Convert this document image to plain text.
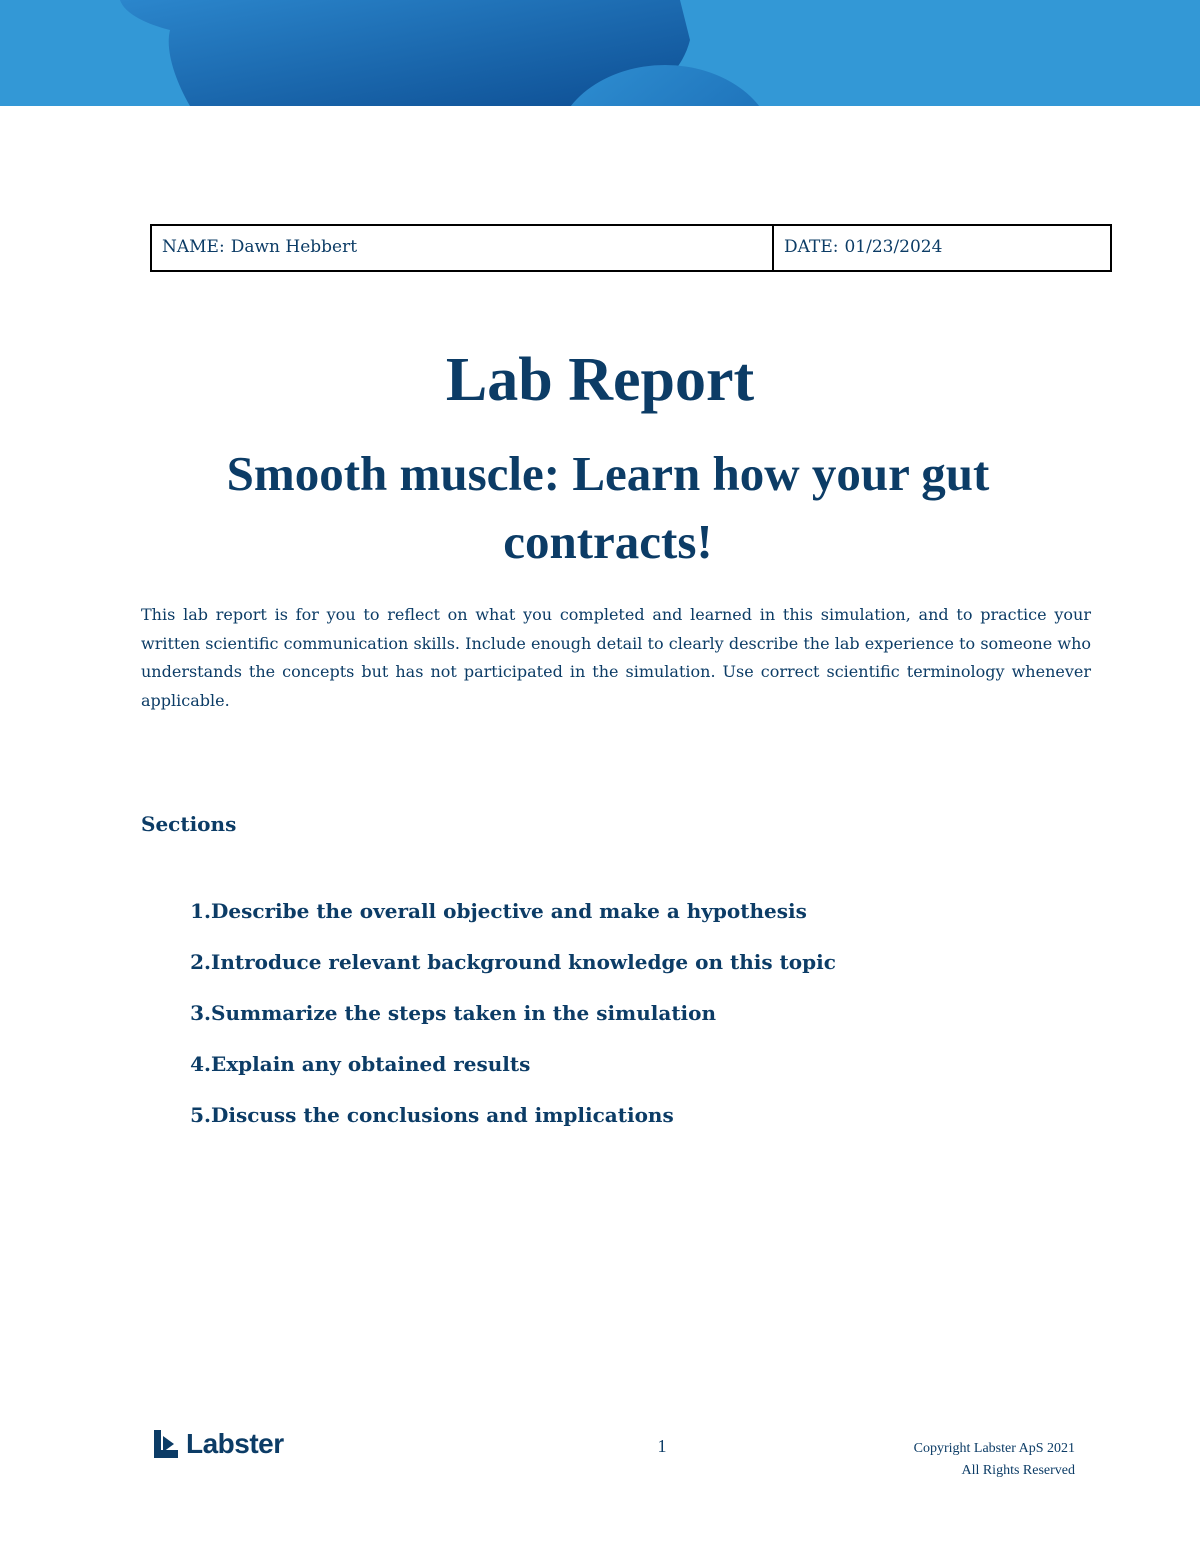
NAME: Dawn Hebbert	DATE: 01/23/2024
Lab Report
Smooth muscle: Learn how your gut contracts!

This lab report is for you to reflect on what you completed and learned in this simulation, and to practice your written scientific communication skills. Include enough detail to clearly describe the lab experience to someone who understands the concepts but has not participated in the simulation. Use correct scientific terminology whenever applicable.

Sections
1. Describe the overall objective and make a hypothesis
2. Introduce relevant background knowledge on this topic
3. Summarize the steps taken in the simulation
4. Explain any obtained results
5. Discuss the conclusions and implications
Labster	1	Copyright Labster ApS 2021
All Rights Reserved
